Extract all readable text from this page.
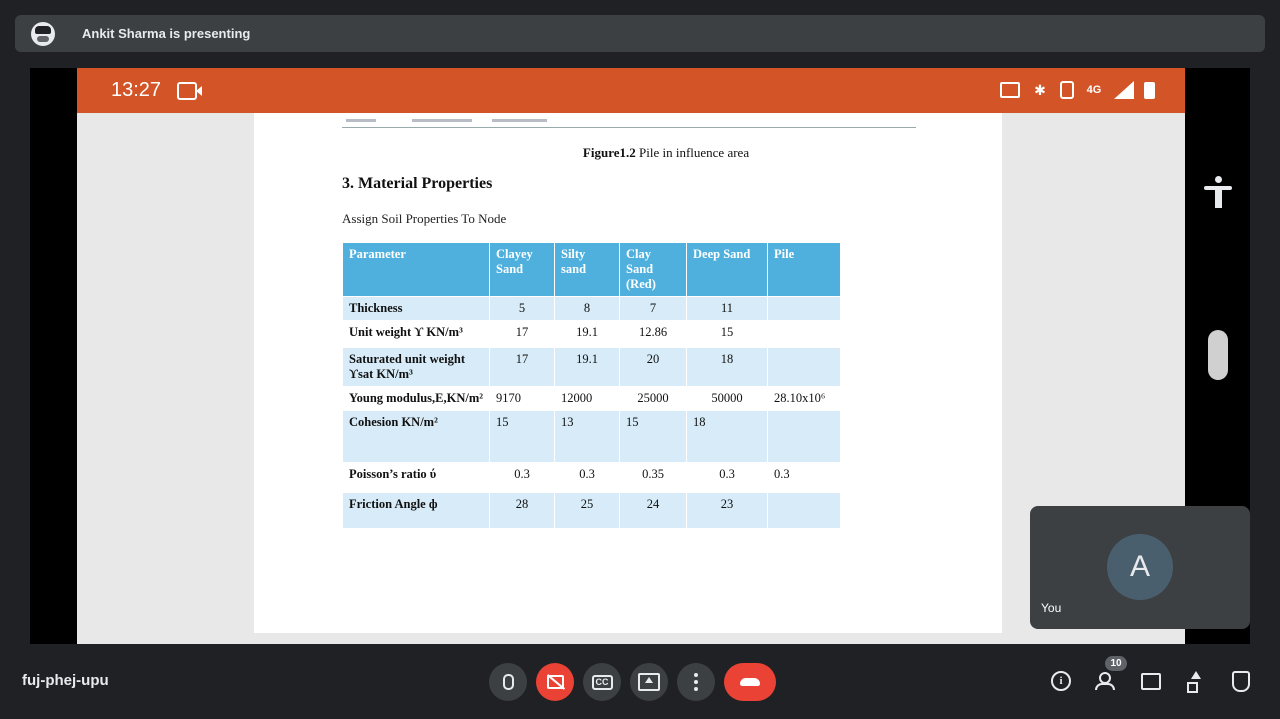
Ankit Sharma is presenting
13:27	✱	4G
Figure1.2 Pile in influence area
3. Material Properties
Assign Soil Properties To Node
Parameter	Clayey Sand	Silty sand	Clay Sand (Red)	Deep Sand	Pile
Thickness	5	8	7	11	
Unit weight ϒ KN/m³	17	19.1	12.86	15	
Saturated unit weight ϒsat KN/m³	17	19.1	20	18	
Young modulus,E,KN/m²	9170	12000	25000	50000	28.10x10⁶
Cohesion KN/m²	15	13	15	18	
Poisson’s ratio ύ	0.3	0.3	0.35	0.3	0.3
Friction Angle ф	28	25	24	23	
A
You
fuj-phej-upu	CC	i
10
